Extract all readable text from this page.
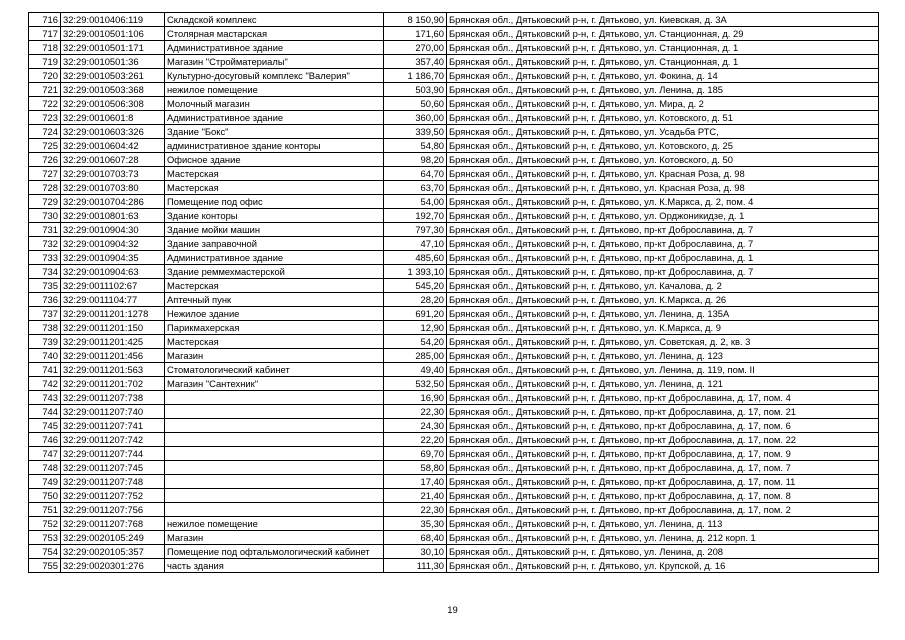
716	32:29:0010406:119	Складской комплекс	8 150,90	Брянская обл., Дятьковский р-н, г. Дятьково, ул. Киевская, д. 3А
717	32:29:0010501:106	Столярная мастарская	171,60	Брянская обл., Дятьковский р-н, г. Дятьково, ул. Станционная, д. 29
718	32:29:0010501:171	Административное здание	270,00	Брянская обл., Дятьковский р-н, г. Дятьково, ул. Станционная, д. 1
719	32:29:0010501:36	Магазин "Стройматериалы"	357,40	Брянская обл., Дятьковский р-н, г. Дятьково, ул. Станционная, д. 1
720	32:29:0010503:261	Культурно-досуговый комплекс "Валерия"	1 186,70	Брянская обл., Дятьковский р-н, г. Дятьково, ул. Фокина, д. 14
721	32:29:0010503:368	нежилое помещение	503,90	Брянская обл., Дятьковский р-н, г. Дятьково, ул. Ленина, д. 185
722	32:29:0010506:308	Молочный магазин	50,60	Брянская обл., Дятьковский р-н, г. Дятьково, ул. Мира, д. 2
723	32:29:0010601:8	Административное здание	360,00	Брянская обл., Дятьковский р-н, г. Дятьково, ул. Котовского, д. 51
724	32:29:0010603:326	Здание "Бокс"	339,50	Брянская обл., Дятьковский р-н, г. Дятьково, ул. Усадьба РТС,
725	32:29:0010604:42	административное здание конторы	54,80	Брянская обл., Дятьковский р-н, г. Дятьково, ул. Котовского, д. 25
726	32:29:0010607:28	Офисное здание	98,20	Брянская обл., Дятьковский р-н, г. Дятьково, ул. Котовского, д. 50
727	32:29:0010703:73	Мастерская	64,70	Брянская обл., Дятьковский р-н, г. Дятьково, ул. Красная Роза, д. 98
728	32:29:0010703:80	Мастерская	63,70	Брянская обл., Дятьковский р-н, г. Дятьково, ул. Красная Роза, д. 98
729	32:29:0010704:286	Помещение под офис	54,00	Брянская обл., Дятьковский р-н, г. Дятьково, ул. К.Маркса, д. 2, пом. 4
730	32:29:0010801:63	Здание конторы	192,70	Брянская обл., Дятьковский р-н, г. Дятьково, ул. Орджоникидзе, д. 1
731	32:29:0010904:30	Здание мойки машин	797,30	Брянская обл., Дятьковский р-н, г. Дятьково, пр-кт Доброславина, д. 7
732	32:29:0010904:32	Здание заправочной	47,10	Брянская обл., Дятьковский р-н, г. Дятьково, пр-кт Доброславина, д. 7
733	32:29:0010904:35	Административное здание	485,60	Брянская обл., Дятьковский р-н, г. Дятьково, пр-кт Доброславина, д. 1
734	32:29:0010904:63	Здание реммехмастерской	1 393,10	Брянская обл., Дятьковский р-н, г. Дятьково, пр-кт Доброславина, д. 7
735	32:29:0011102:67	Мастерская	545,20	Брянская обл., Дятьковский р-н, г. Дятьково, ул. Качалова, д. 2
736	32:29:0011104:77	Аптечный пунк	28,20	Брянская обл., Дятьковский р-н, г. Дятьково, ул. К.Маркса, д. 26
737	32:29:0011201:1278	Нежилое здание	691,20	Брянская обл., Дятьковский р-н, г. Дятьково, ул. Ленина, д. 135А
738	32:29:0011201:150	Парикмахерская	12,90	Брянская обл., Дятьковский р-н, г. Дятьково, ул. К.Маркса, д. 9
739	32:29:0011201:425	Мастерская	54,20	Брянская обл., Дятьковский р-н, г. Дятьково, ул. Советская, д. 2, кв. 3
740	32:29:0011201:456	Магазин	285,00	Брянская обл., Дятьковский р-н, г. Дятьково, ул. Ленина, д. 123
741	32:29:0011201:563	Стоматологический кабинет	49,40	Брянская обл., Дятьковский р-н, г. Дятьково, ул. Ленина, д. 119, пом. II
742	32:29:0011201:702	Магазин "Сантехник"	532,50	Брянская обл., Дятьковский р-н, г. Дятьково, ул. Ленина, д. 121
743	32:29:0011207:738		16,90	Брянская обл., Дятьковский р-н, г. Дятьково, пр-кт Доброславина, д. 17, пом. 4
744	32:29:0011207:740		22,30	Брянская обл., Дятьковский р-н, г. Дятьково, пр-кт Доброславина, д. 17, пом. 21
745	32:29:0011207:741		24,30	Брянская обл., Дятьковский р-н, г. Дятьково, пр-кт Доброславина, д. 17, пом. 6
746	32:29:0011207:742		22,20	Брянская обл., Дятьковский р-н, г. Дятьково, пр-кт Доброславина, д. 17, пом. 22
747	32:29:0011207:744		69,70	Брянская обл., Дятьковский р-н, г. Дятьково, пр-кт Доброславина, д. 17, пом. 9
748	32:29:0011207:745		58,80	Брянская обл., Дятьковский р-н, г. Дятьково, пр-кт Доброславина, д. 17, пом. 7
749	32:29:0011207:748		17,40	Брянская обл., Дятьковский р-н, г. Дятьково, пр-кт Доброславина, д. 17, пом. 11
750	32:29:0011207:752		21,40	Брянская обл., Дятьковский р-н, г. Дятьково, пр-кт Доброславина, д. 17, пом. 8
751	32:29:0011207:756		22,30	Брянская обл., Дятьковский р-н, г. Дятьково, пр-кт Доброславина, д. 17, пом. 2
752	32:29:0011207:768	нежилое помещение	35,30	Брянская обл., Дятьковский р-н, г. Дятьково, ул. Ленина, д. 113
753	32:29:0020105:249	Магазин	68,40	Брянская обл., Дятьковский р-н, г. Дятьково, ул. Ленина, д. 212 корп. 1
754	32:29:0020105:357	Помещение под офтальмологический кабинет	30,10	Брянская обл., Дятьковский р-н, г. Дятьково, ул. Ленина, д. 208
755	32:29:0020301:276	часть здания	111,30	Брянская обл., Дятьковский р-н, г. Дятьково, ул. Крупской, д. 16
19
